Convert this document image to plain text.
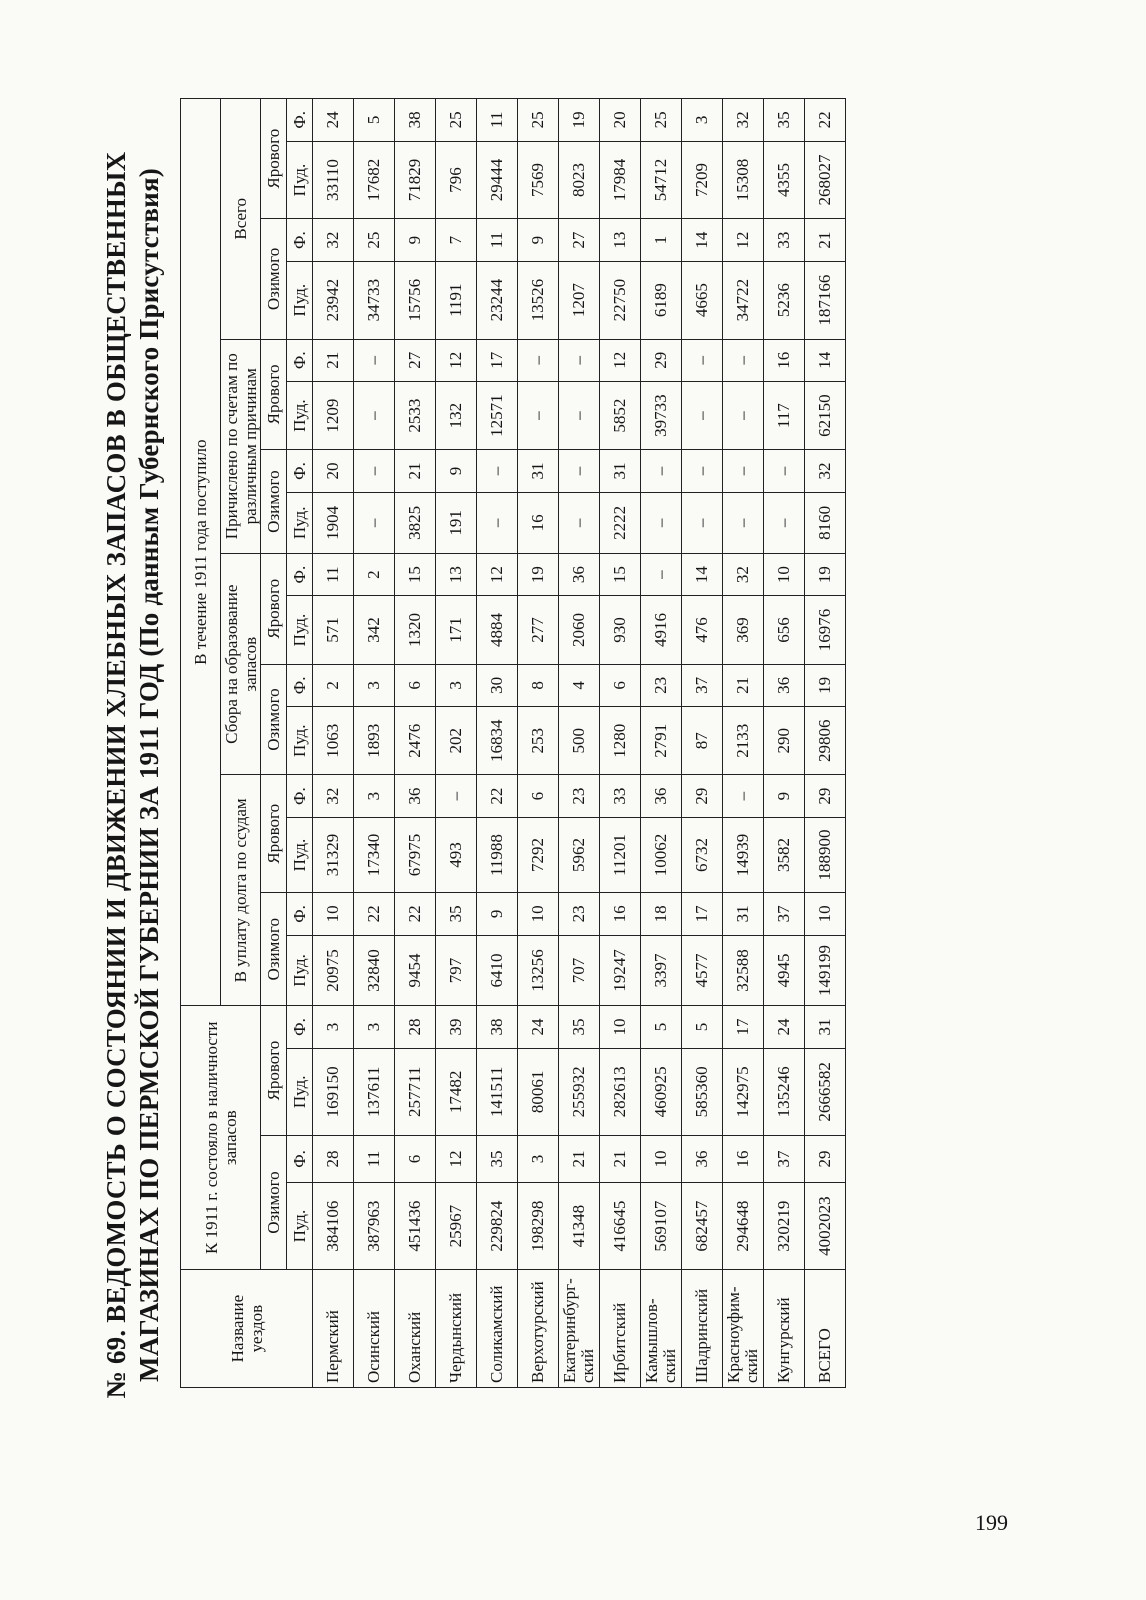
№ 69. ВЕДОМОСТЬ О СОСТОЯНИИ И ДВИЖЕНИИ ХЛЕБНЫХ ЗАПАСОВ В ОБЩЕСТВЕННЫХ МАГАЗИНАХ ПО ПЕРМСКОЙ ГУБЕРНИИ ЗА 1911 ГОД (По данным Губернского Присутствия)	Название уездов	К 1911 г. состояло в наличности запасов				В течение 1911 года поступило															
					В уплату долга по ссудам				Сбора на образование запасов				Причислено по счетам по различным причинам				Всего			
	Озимого		Ярового		Озимого		Ярового		Озимого		Ярового		Озимого		Ярового		Озимого		Ярового	
	Пуд.	Ф.	Пуд.	Ф.	Пуд.	Ф.	Пуд.	Ф.	Пуд.	Ф.	Пуд.	Ф.	Пуд.	Ф.	Пуд.	Ф.	Пуд.	Ф.	Пуд.	Ф.
Пермский	384106	28	169150	3	20975	10	31329	32	1063	2	571	11	1904	20	1209	21	23942	32	33110	24
Осинский	387963	11	137611	3	32840	22	17340	3	1893	3	342	2	–	–	–	–	34733	25	17682	5
Оханский	451436	6	257711	28	9454	22	67975	36	2476	6	1320	15	3825	21	2533	27	15756	9	71829	38
Чердынский	25967	12	17482	39	797	35	493	–	202	3	171	13	191	9	132	12	1191	7	796	25
Соликамский	229824	35	141511	38	6410	9	11988	22	16834	30	4884	12	–	–	12571	17	23244	11	29444	11
Верхотурский	198298	3	80061	24	13256	10	7292	6	253	8	277	19	16	31	–	–	13526	9	7569	25
Екатеринбург-ский	41348	21	255932	35	707	23	5962	23	500	4	2060	36	–	–	–	–	1207	27	8023	19
Ирбитский	416645	21	282613	10	19247	16	11201	33	1280	6	930	15	2222	31	5852	12	22750	13	17984	20
Камышлов-ский	569107	10	460925	5	3397	18	10062	36	2791	23	4916	–	–	–	39733	29	6189	1	54712	25
Шадринский	682457	36	585360	5	4577	17	6732	29	87	37	476	14	–	–	–	–	4665	14	7209	3
Красноуфим-ский	294648	16	142975	17	32588	31	14939	–	2133	21	369	32	–	–	–	–	34722	12	15308	32
Кунгурский	320219	37	135246	24	4945	37	3582	9	290	36	656	10	–	–	117	16	5236	33	4355	35
ВСЕГО	4002023	29	2666582	31	149199	10	188900	29	29806	19	16976	19	8160	32	62150	14	187166	21	268027	22
199
